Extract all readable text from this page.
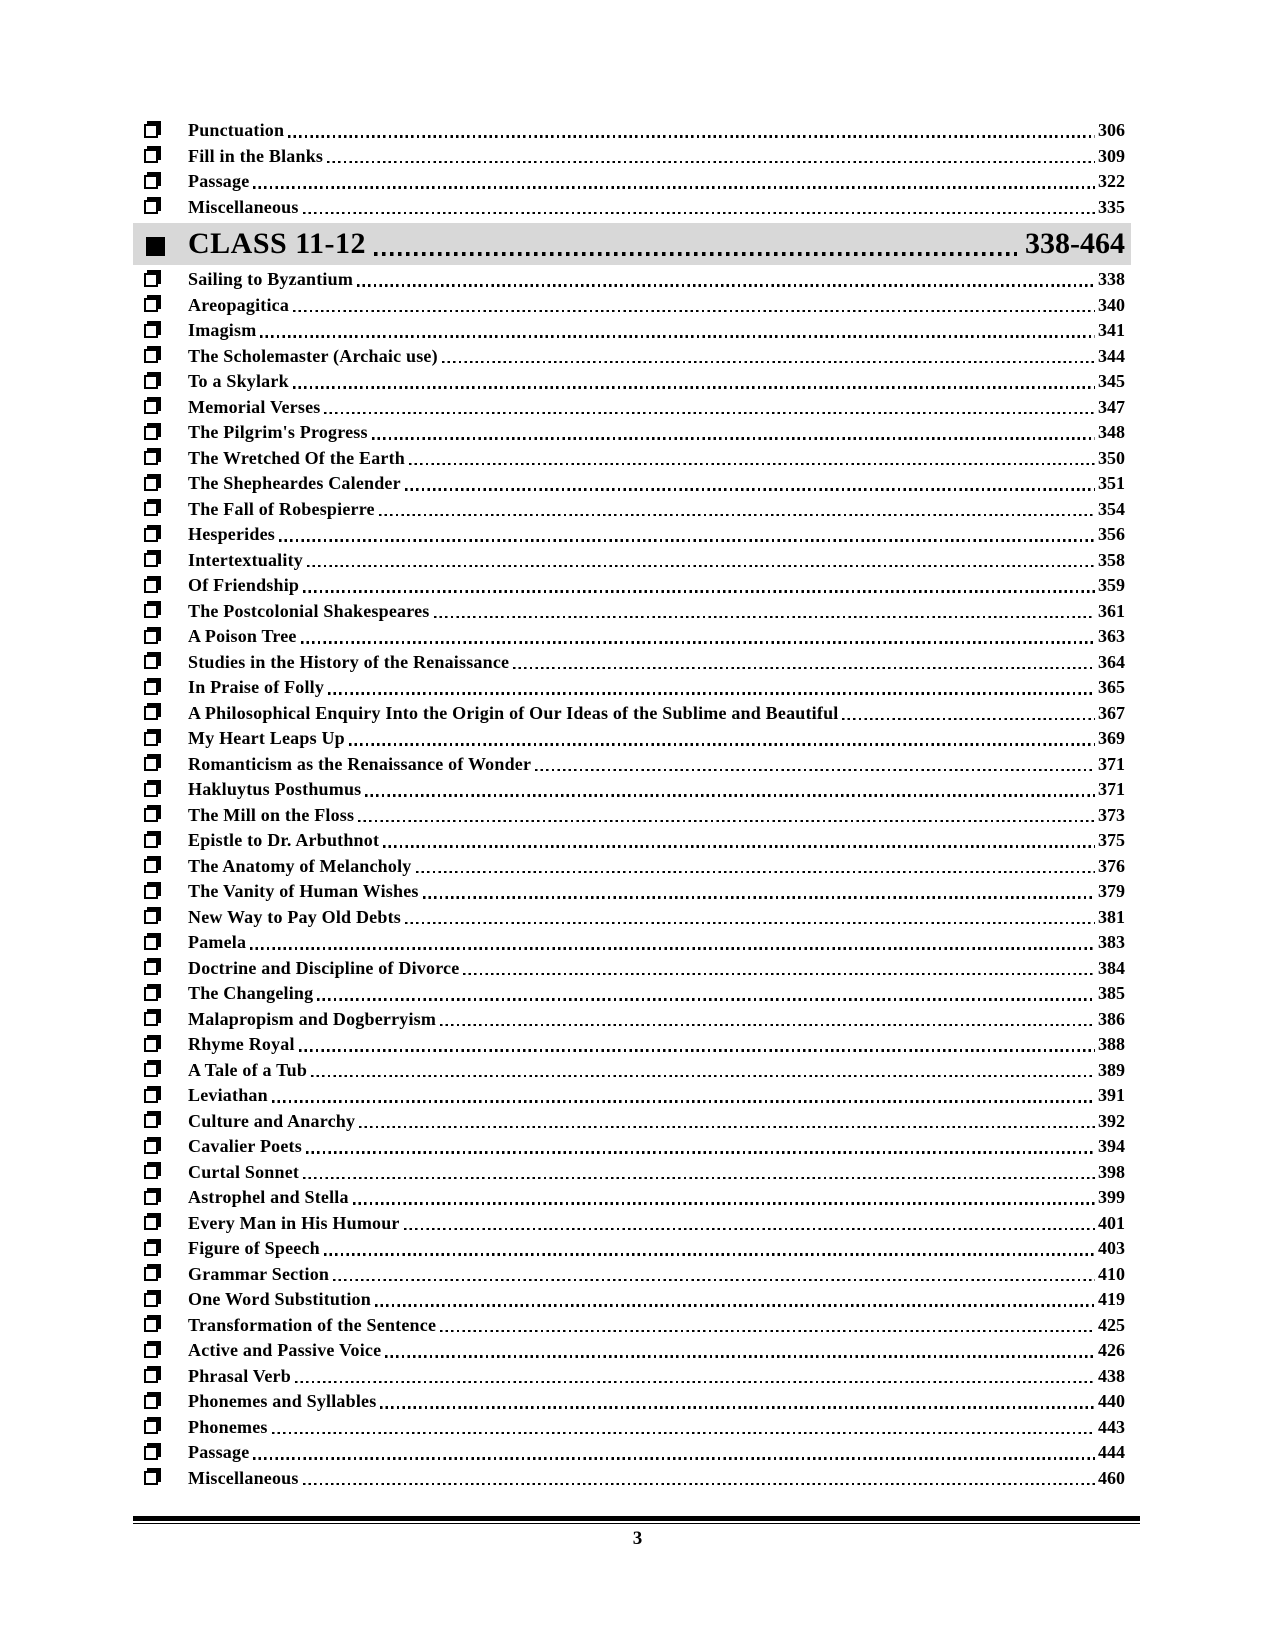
Punctuation	306
Fill in the Blanks	309
Passage	322
Miscellaneous	335
CLASS 11-12	338-464
Sailing to Byzantium	338
Areopagitica	340
Imagism	341
The Scholemaster (Archaic use)	344
To a Skylark	345
Memorial Verses	347
The Pilgrim's Progress	348
The Wretched Of the Earth	350
The Shepheardes Calender	351
The Fall of Robespierre	354
Hesperides	356
Intertextuality	358
Of Friendship	359
The Postcolonial Shakespeares	361
A Poison Tree	363
Studies in the History of the Renaissance	364
In Praise of Folly	365
A Philosophical Enquiry Into the Origin of Our Ideas of the Sublime and Beautiful	367
My Heart Leaps Up	369
Romanticism as the Renaissance of Wonder	371
Hakluytus Posthumus	371
The Mill on the Floss	373
Epistle to Dr. Arbuthnot	375
The Anatomy of Melancholy	376
The Vanity of Human Wishes	379
New Way to Pay Old Debts	381
Pamela	383
Doctrine and Discipline of Divorce	384
The Changeling	385
Malapropism and Dogberryism	386
Rhyme Royal	388
A Tale of a Tub	389
Leviathan	391
Culture and Anarchy	392
Cavalier Poets	394
Curtal Sonnet	398
Astrophel and Stella	399
Every Man in His Humour	401
Figure of Speech	403
Grammar Section	410
One Word Substitution	419
Transformation of the Sentence	425
Active and Passive Voice	426
Phrasal Verb	438
Phonemes and Syllables	440
Phonemes	443
Passage	444
Miscellaneous	460
3
